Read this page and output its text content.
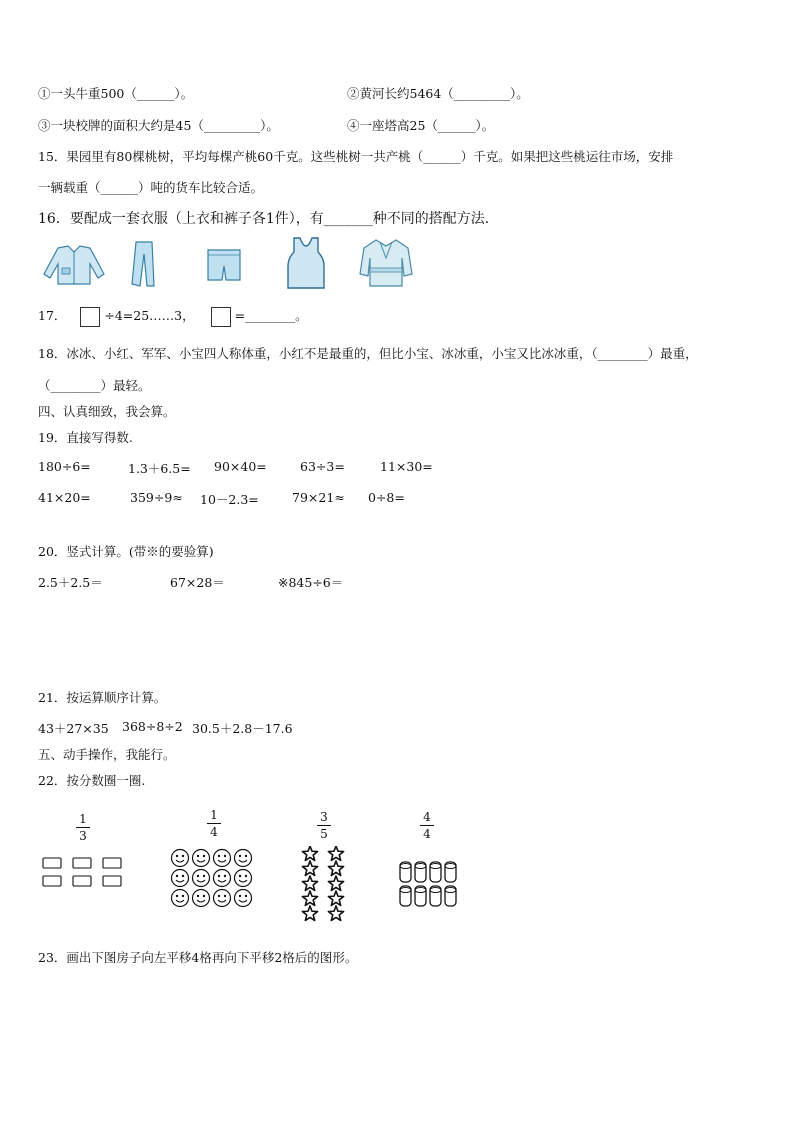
①一头牛重500（______）。	②黄河长约5464（_________）。
③一块校牌的面积大约是45（_________）。	④一座塔高25（______）。
15．果园里有80棵桃树，平均每棵产桃60千克。这些桃树一共产桃（______）千克。如果把这些桃运往市场，安排
一辆载重（______）吨的货车比较合适。
16．要配成一套衣服（上衣和裤子各1件），有_______种不同的搭配方法.
17．	÷4=25……3，	=________。
18．冰冰、小红、军军、小宝四人称体重，小红不是最重的，但比小宝、冰冰重，小宝又比冰冰重，（________）最重，
（________）最轻。
四、认真细致，我会算。
19．直接写得数.
180÷6=	1.3＋6.5= 90×40=	63÷3=	11×30=
41×20=	359÷9≈ 10－2.3=	79×21≈ 0÷8=
20．竖式计算。(带※的要验算)
2.5＋2.5＝	67×28＝	※845÷6＝
21．按运算顺序计算。
43＋27×35 368÷8÷2 30.5＋2.8－17.6
五、动手操作，我能行。
22．按分数圈一圈.
1
3
1
4
3
5
4
4
23．画出下图房子向左平移4格再向下平移2格后的图形。
